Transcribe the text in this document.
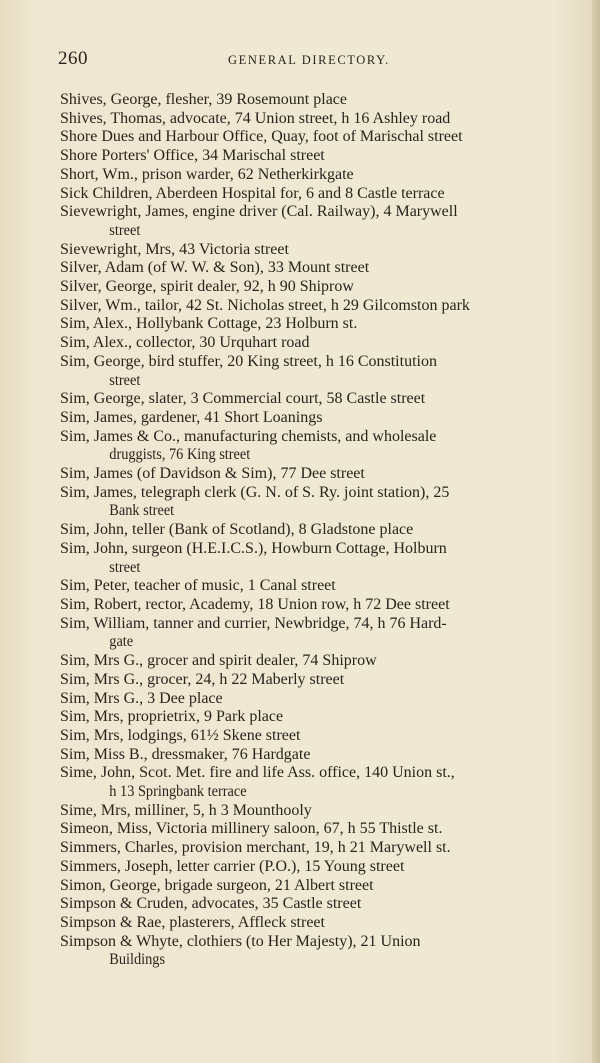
260	GENERAL DIRECTORY.

Shives, George, flesher, 39 Rosemount place

Shives, Thomas, advocate, 74 Union street, h 16 Ashley road

Shore Dues and Harbour Office, Quay, foot of Marischal street

Shore Porters' Office, 34 Marischal street

Short, Wm., prison warder, 62 Netherkirkgate

Sick Children, Aberdeen Hospital for, 6 and 8 Castle terrace

Sievewright, James, engine driver (Cal. Railway), 4 Marywell
street

Sievewright, Mrs, 43 Victoria street

Silver, Adam (of W. W. & Son), 33 Mount street

Silver, George, spirit dealer, 92, h 90 Shiprow

Silver, Wm., tailor, 42 St. Nicholas street, h 29 Gilcomston park

Sim, Alex., Hollybank Cottage, 23 Holburn st.

Sim, Alex., collector, 30 Urquhart road

Sim, George, bird stuffer, 20 King street, h 16 Constitution
street

Sim, George, slater, 3 Commercial court, 58 Castle street

Sim, James, gardener, 41 Short Loanings

Sim, James & Co., manufacturing chemists, and wholesale
druggists, 76 King street

Sim, James (of Davidson & Sim), 77 Dee street

Sim, James, telegraph clerk (G. N. of S. Ry. joint station), 25
Bank street

Sim, John, teller (Bank of Scotland), 8 Gladstone place

Sim, John, surgeon (H.E.I.C.S.), Howburn Cottage, Holburn
street

Sim, Peter, teacher of music, 1 Canal street

Sim, Robert, rector, Academy, 18 Union row, h 72 Dee street

Sim, William, tanner and currier, Newbridge, 74, h 76 Hard-
gate

Sim, Mrs G., grocer and spirit dealer, 74 Shiprow

Sim, Mrs G., grocer, 24, h 22 Maberly street

Sim, Mrs G., 3 Dee place

Sim, Mrs, proprietrix, 9 Park place

Sim, Mrs, lodgings, 61½ Skene street

Sim, Miss B., dressmaker, 76 Hardgate

Sime, John, Scot. Met. fire and life Ass. office, 140 Union st.,
h 13 Springbank terrace

Sime, Mrs, milliner, 5, h 3 Mounthooly

Simeon, Miss, Victoria millinery saloon, 67, h 55 Thistle st.

Simmers, Charles, provision merchant, 19, h 21 Marywell st.

Simmers, Joseph, letter carrier (P.O.), 15 Young street

Simon, George, brigade surgeon, 21 Albert street

Simpson & Cruden, advocates, 35 Castle street

Simpson & Rae, plasterers, Affleck street

Simpson & Whyte, clothiers (to Her Majesty), 21 Union
Buildings
